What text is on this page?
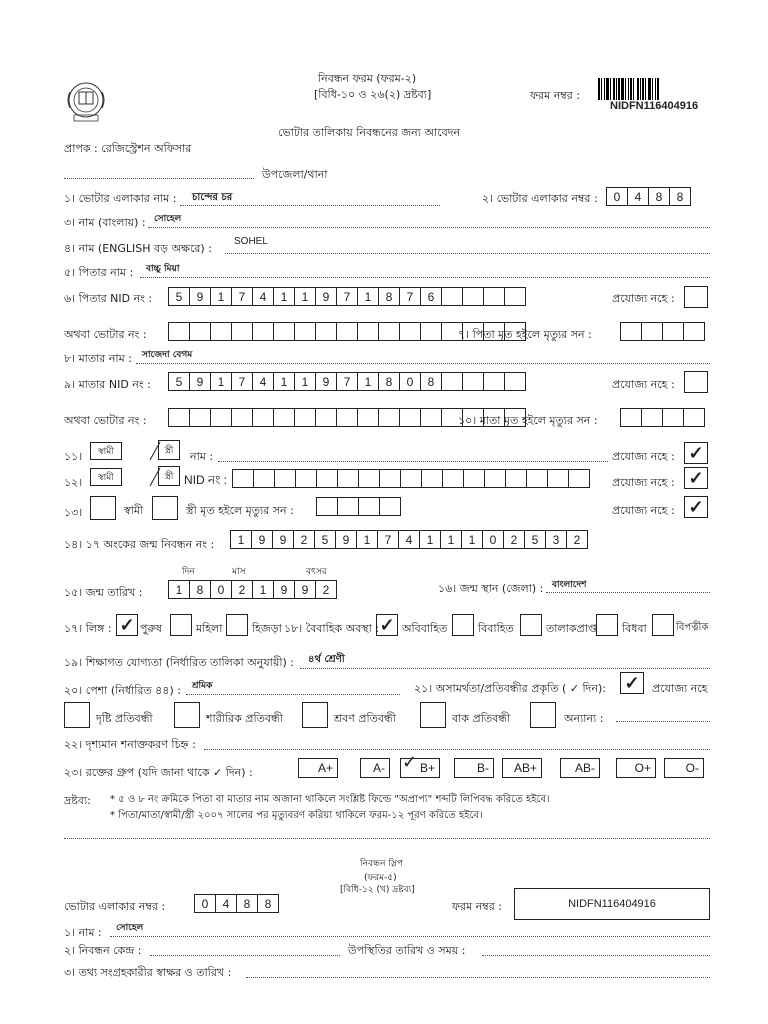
নিবন্ধন ফরম (ফরম-২)
[বিধি-১০ ও ২৬(২) দ্রষ্টব্য]	ফরম নম্বর :
NIDFN116404916
ভোটার তালিকায় নিবন্ধনের জন্য আবেদন
প্রাপক : রেজিস্ট্রেশন অফিসার
উপজেলা/থানা
১। ভোটার এলাকার নাম : চান্দের চর	২। ভোটার এলাকার নম্বর :	0	4	8	8
৩। নাম (বাংলায়) : সোহেল
৪। নাম (ENGLISH বড় অক্ষরে) :
SOHEL
৫। পিতার নাম : বাচ্চু মিয়া
৬। পিতার NID নং :	5	9	1	7	4	1	1	9	7	1	8	7	6	প্রযোজ্য নহে :
অথবা ভোটার নং :	৭। পিতা মৃত হইলে মৃত্যুর সন :
৮। মাতার নাম : সাজেদা বেগম
৯। মাতার NID নং :	5	9	1	7	4	1	1	9	7	1	8	0	8	প্রযোজ্য নহে :
অথবা ভোটার নং :	১০। মাতা মৃত হইলে মৃত্যুর সন :
১১। স্বামী	স্ত্রী নাম :	প্রযোজ্য নহে : ✓
১২। স্বামী	স্ত্রী NID নং :	প্রযোজ্য নহে : ✓
১৩।	স্বামী	স্ত্রী মৃত হইলে মৃত্যুর সন :	প্রযোজ্য নহে : ✓
১৪। ১৭ অংকের জন্ম নিবন্ধন নং :	1	9	9	2	5	9	1	7	4	1	1	1	0	2	5	3	2
দিন	মাস	বৎসর
১৫। জন্ম তারিখ :	1	8	0	2	1	9	9	2	১৬। জন্ম স্থান (জেলা) : বাংলাদেশ
১৭। লিঙ্গ : ✓ পুরুষ	মহিলা	হিজড়া ১৮। বৈবাহিক অবস্থা : ✓ অবিবাহিত	বিবাহিত	তালাকপ্রাপ্ত বিধবা	বিপত্নীক
১৯। শিক্ষাগত যোগ্যতা (নির্ধারিত তালিকা অনুযায়ী) : ৪র্থ শ্রেণী
২০। পেশা (নির্ধারিত ৪৪) : শ্রমিক	২১। অসামর্থতা/প্রতিবন্ধীর প্রকৃতি ( ✓ দিন): ✓	প্রযোজ্য নহে
দৃষ্টি প্রতিবন্ধী	শারীরিক প্রতিবন্ধী	শ্রবণ প্রতিবন্ধী	বাক প্রতিবন্ধী	অন্যান্য :
২২। দৃশ্যমান শনাক্তকরণ চিহ্ন :
২৩। রক্তের গ্রুপ (যদি জানা থাকে ✓ দিন) :	A+	A-	B+	B- AB+	AB-	O+	O-
✓
দ্রষ্টব্য: * ৫ ও ৮ নং ক্রমিকে পিতা বা মাতার নাম অজানা থাকিলে সংশ্লিষ্ট ফিল্ডে "অপ্রাপ্য" শব্দটি লিপিবদ্ধ করিতে হইবে।
* পিতা/মাতা/স্বামী/স্ত্রী ২০০৭ সালের পর মৃত্যুবরণ করিয়া থাকিলে ফরম-১২ পূরণ করিতে হইবে।
নিবন্ধন স্লিপ
(ফরম-৫)
[বিধি-১২ (খ) দ্রষ্টব্য]
ভোটার এলাকার নম্বর :	0	4	8	8	ফরম নম্বর :	NIDFN116404916
১। নাম : সোহেল
২। নিবন্ধন কেন্দ্র :	উপস্থিতির তারিখ ও সময় :
৩। তথ্য সংগ্রহকারীর স্বাক্ষর ও তারিখ :
